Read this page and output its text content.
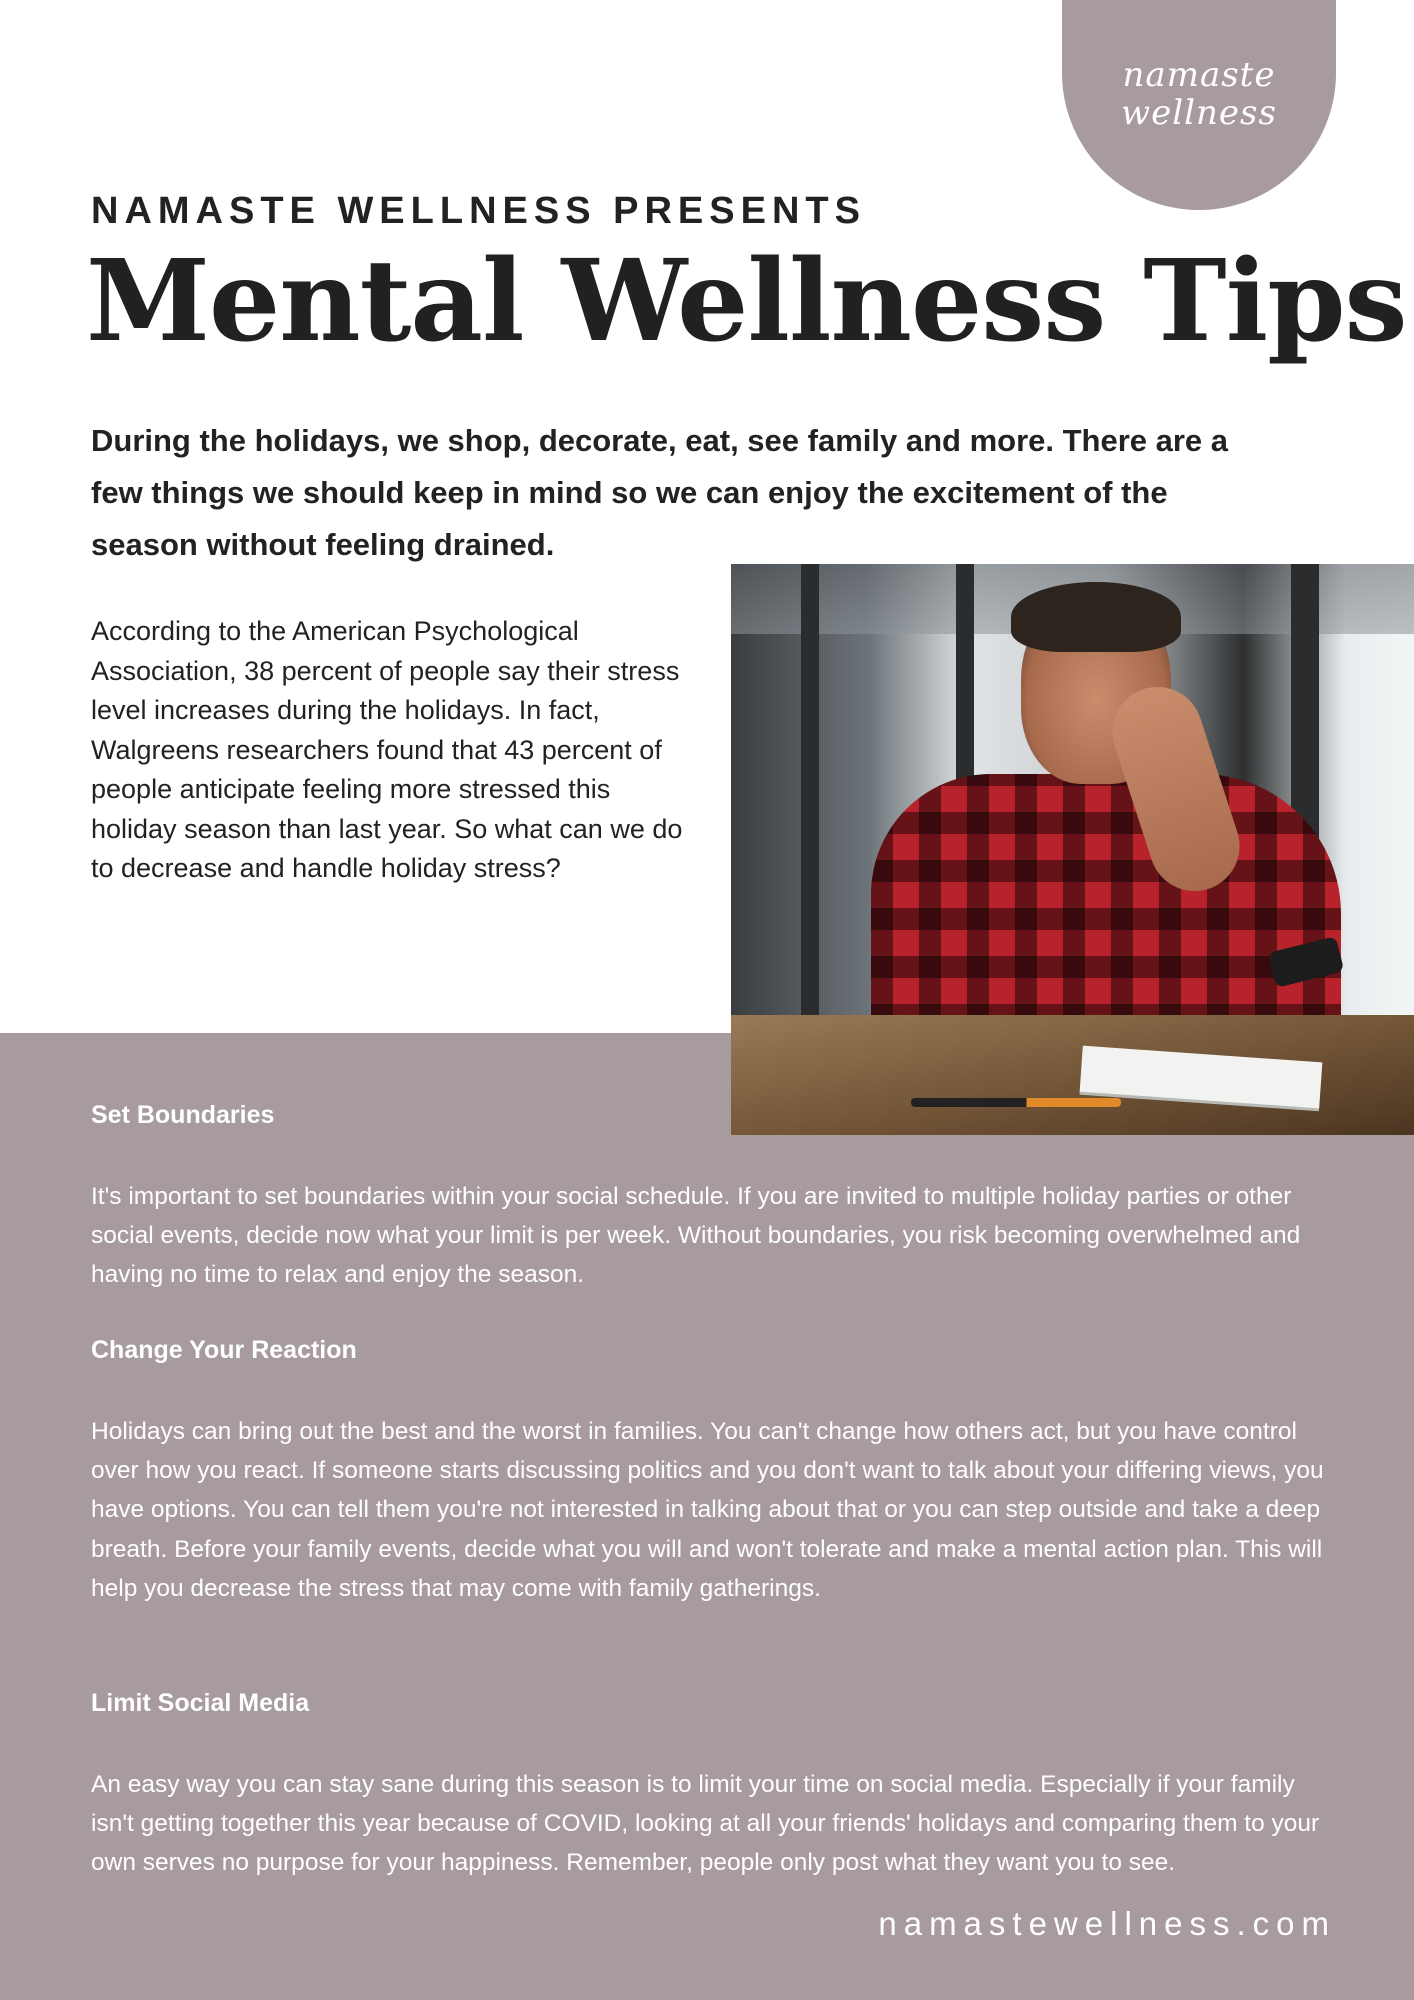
namaste
wellness
NAMASTE WELLNESS PRESENTS
Mental Wellness Tips

During the holidays, we shop, decorate, eat, see family and more. There are a few things we should keep in mind so we can enjoy the excitement of the season without feeling drained.

According to the American Psychological Association, 38 percent of people say their stress level increases during the holidays. In fact, Walgreens researchers found that 43 percent of people anticipate feeling more stressed this holiday season than last year. So what can we do to decrease and handle holiday stress?

Set Boundaries

It's important to set boundaries within your social schedule. If you are invited to multiple holiday parties or other social events, decide now what your limit is per week. Without boundaries, you risk becoming overwhelmed and having no time to relax and enjoy the season.

Change Your Reaction

Holidays can bring out the best and the worst in families. You can't change how others act, but you have control over how you react. If someone starts discussing politics and you don't want to talk about your differing views, you have options. You can tell them you're not interested in talking about that or you can step outside and take a deep breath. Before your family events, decide what you will and won't tolerate and make a mental action plan. This will help you decrease the stress that may come with family gatherings.

Limit Social Media

An easy way you can stay sane during this season is to limit your time on social media. Especially if your family isn't getting together this year because of COVID, looking at all your friends' holidays and comparing them to your own serves no purpose for your happiness. Remember, people only post what they want you to see.

namastewellness.com
